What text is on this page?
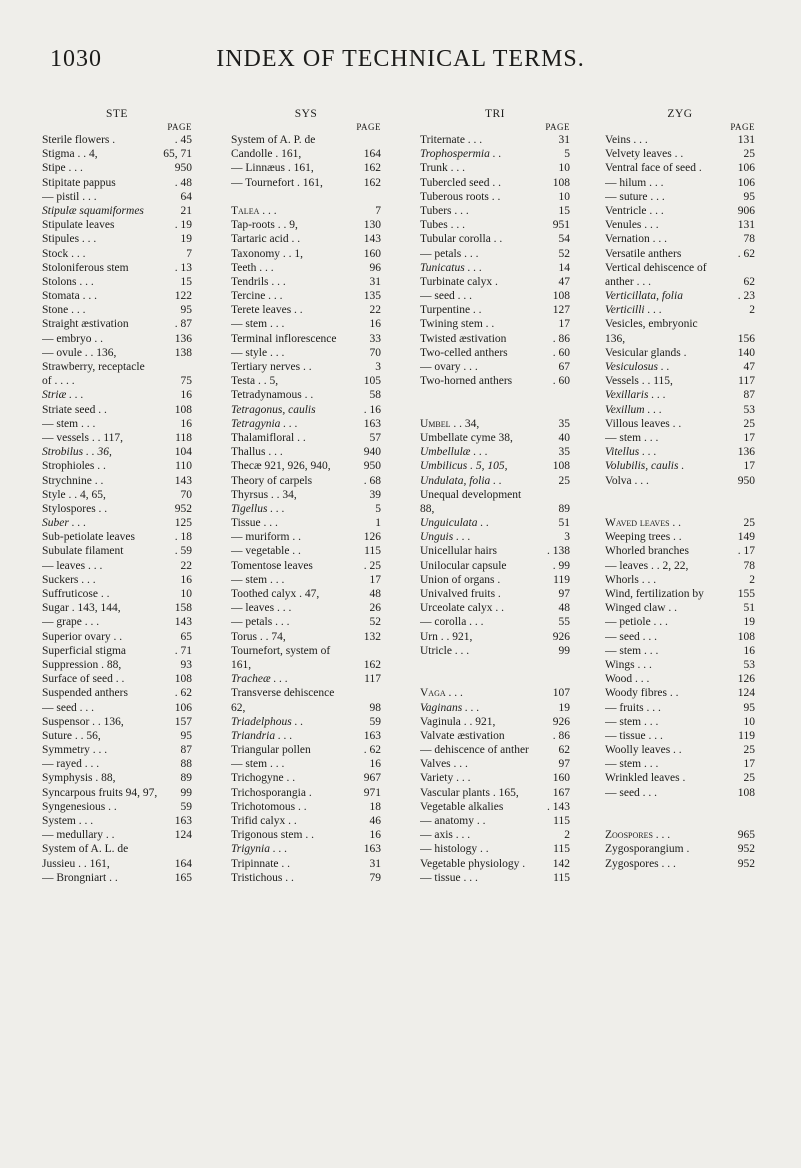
1030	INDEX OF TECHNICAL TERMS.
STE
PAGE
Sterile flowers .	. 45
Stigma . . 4,	65, 71
Stipe . . .	950
Stipitate pappus	. 48
— pistil . . .	64
Stipulæ squamiformes	21
Stipulate leaves	. 19
Stipules . . .	19
Stock . . .	7
Stoloniferous stem	. 13
Stolons . . .	15
Stomata . . .	122
Stone . . .	95
Straight æstivation	. 87
— embryo . .	136
— ovule . . 136,	138
Strawberry, receptacle
of . . . .	75
Striæ . . .	16
Striate seed . .	108
— stem . . .	16
— vessels . . 117,	118
Strobilus . . 36,	104
Strophioles . .	110
Strychnine . .	143
Style . . 4, 65,	70
Stylospores . .	952
Suber . . .	125
Sub-petiolate leaves	. 18
Subulate filament	. 59
— leaves . . .	22
Suckers . . .	16
Suffruticose . .	10
Sugar . 143, 144,	158
— grape . . .	143
Superior ovary . .	65
Superficial stigma	. 71
Suppression . 88,	93
Surface of seed . .	108
Suspended anthers	. 62
— seed . . .	106
Suspensor . . 136,	157
Suture . . 56,	95
Symmetry . . .	87
— rayed . . .	88
Symphysis . 88,	89
Syncarpous fruits 94, 97,	99
Syngenesious . .	59
System . . .	163
— medullary . .	124
System of A. L. de
Jussieu . . 161,	164
— Brongniart . .	165
SYS
PAGE
System of A. P. de
Candolle . 161,	164
— Linnæus . 161,	162
— Tournefort . 161,	162
Talea . . .	7
Tap-roots . . 9,	130
Tartaric acid . .	143
Taxonomy . . 1,	160
Teeth . . .	96
Tendrils . . .	31
Tercine . . .	135
Terete leaves . .	22
— stem . . .	16
Terminal inflorescence	33
— style . . .	70
Tertiary nerves . .	3
Testa . . 5,	105
Tetradynamous . .	58
Tetragonus, caulis	. 16
Tetragynia . . .	163
Thalamifloral . .	57
Thallus . . .	940
Thecæ 921, 926, 940,	950
Theory of carpels	. 68
Thyrsus . . 34,	39
Tigellus . . .	5
Tissue . . .	1
— muriform . .	126
— vegetable . .	115
Tomentose leaves	. 25
— stem . . .	17
Toothed calyx . 47,	48
— leaves . . .	26
— petals . . .	52
Torus . . 74,	132
Tournefort, system of
161,	162
Tracheæ . . .	117
Transverse dehiscence
62,	98
Triadelphous . .	59
Triandria . . .	163
Triangular pollen	. 62
— stem . . .	16
Trichogyne . .	967
Trichosporangia .	971
Trichotomous . .	18
Trifid calyx . .	46
Trigonous stem . .	16
Trigynia . . .	163
Tripinnate . .	31
Tristichous . .	79
TRI
PAGE
Triternate . . .	31
Trophospermia . .	5
Trunk . . .	10
Tubercled seed . .	108
Tuberous roots . .	10
Tubers . . .	15
Tubes . . .	951
Tubular corolla . .	54
— petals . . .	52
Tunicatus . . .	14
Turbinate calyx .	47
— seed . . .	108
Turpentine . .	127
Twining stem . .	17
Twisted æstivation	. 86
Two-celled anthers	. 60
— ovary . . .	67
Two-horned anthers	. 60
Umbel . . 34,	35
Umbellate cyme 38,	40
Umbellulæ . . .	35
Umbilicus . 5, 105,	108
Undulata, folia . .	25
Unequal development
88,	89
Unguiculata . .	51
Unguis . . .	3
Unicellular hairs	. 138
Unilocular capsule	. 99
Union of organs .	119
Univalved fruits .	97
Urceolate calyx . .	48
— corolla . . .	55
Urn . . 921,	926
Utricle . . .	99
Vaga . . .	107
Vaginans . . .	19
Vaginula . . 921,	926
Valvate æstivation	. 86
— dehiscence of anther	62
Valves . . .	97
Variety . . .	160
Vascular plants . 165,	167
Vegetable alkalies	. 143
— anatomy . .	115
— axis . . .	2
— histology . .	115
Vegetable physiology .	142
— tissue . . .	115
ZYG
PAGE
Veins . . .	131
Velvety leaves . .	25
Ventral face of seed .	106
— hilum . . .	106
— suture . . .	95
Ventricle . . .	906
Venules . . .	131
Vernation . . .	78
Versatile anthers	. 62
Vertical dehiscence of
anther . . .	62
Verticillata, folia	. 23
Verticilli . . .	2
Vesicles, embryonic
136,	156
Vesicular glands .	140
Vesiculosus . .	47
Vessels . . 115,	117
Vexillaris . . .	87
Vexillum . . .	53
Villous leaves . .	25
— stem . . .	17
Vitellus . . .	136
Volubilis, caulis .	17
Volva . . .	950
Waved leaves . .	25
Weeping trees . .	149
Whorled branches	. 17
— leaves . . 2, 22,	78
Whorls . . .	2
Wind, fertilization by	155
Winged claw . .	51
— petiole . . .	19
— seed . . .	108
— stem . . .	16
Wings . . .	53
Wood . . .	126
Woody fibres . .	124
— fruits . . .	95
— stem . . .	10
— tissue . . .	119
Woolly leaves . .	25
— stem . . .	17
Wrinkled leaves .	25
— seed . . .	108
Zoospores . . .	965
Zygosporangium .	952
Zygospores . . .	952
